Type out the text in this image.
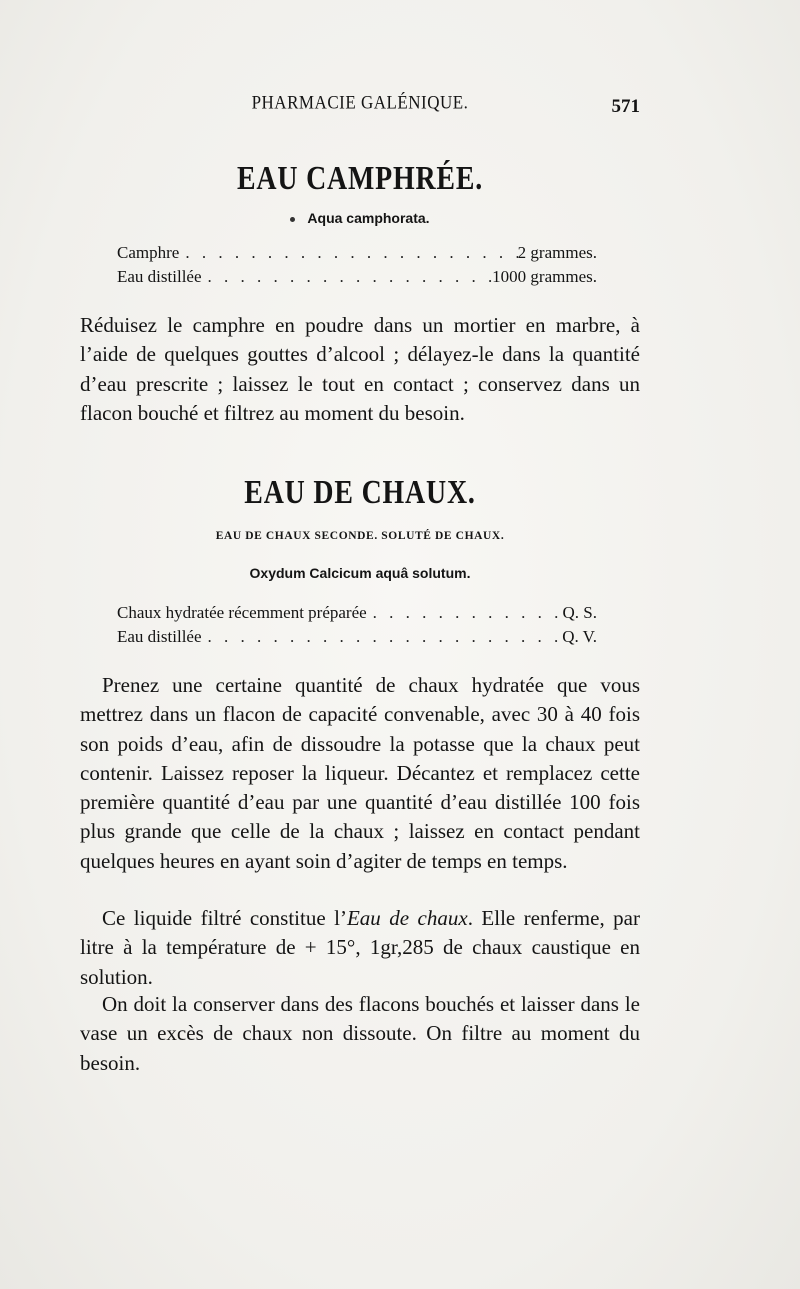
PHARMACIE GALÉNIQUE.	571
EAU CAMPHRÉE.
Aqua camphorata.
Camphre . . .	2 grammes.
Eau distillée . . .	1000 grammes.

Réduisez le camphre en poudre dans un mortier en marbre, à l’aide de quelques gouttes d’alcool ; délayez-le dans la quantité d’eau prescrite ; laissez le tout en contact ; conservez dans un flacon bouché et filtrez au moment du besoin.

EAU DE CHAUX.
EAU DE CHAUX SECONDE. SOLUTÉ DE CHAUX.
Oxydum Calcicum aquâ solutum.
Chaux hydratée récemment préparée . . .	Q. S.
Eau distillée . . .	Q. V.

Prenez une certaine quantité de chaux hydratée que vous mettrez dans un flacon de capacité convenable, avec 30 à 40 fois son poids d’eau, afin de dissoudre la potasse que la chaux peut contenir. Laissez reposer la liqueur. Décantez et remplacez cette première quantité d’eau par une quantité d’eau distillée 100 fois plus grande que celle de la chaux ; laissez en contact pendant quelques heures en ayant soin d’agiter de temps en temps.

Ce liquide filtré constitue l’Eau de chaux. Elle renferme, par litre à la température de + 15°, 1gr,285 de chaux caustique en solution.

On doit la conserver dans des flacons bouchés et laisser dans le vase un excès de chaux non dissoute. On filtre au moment du besoin.
